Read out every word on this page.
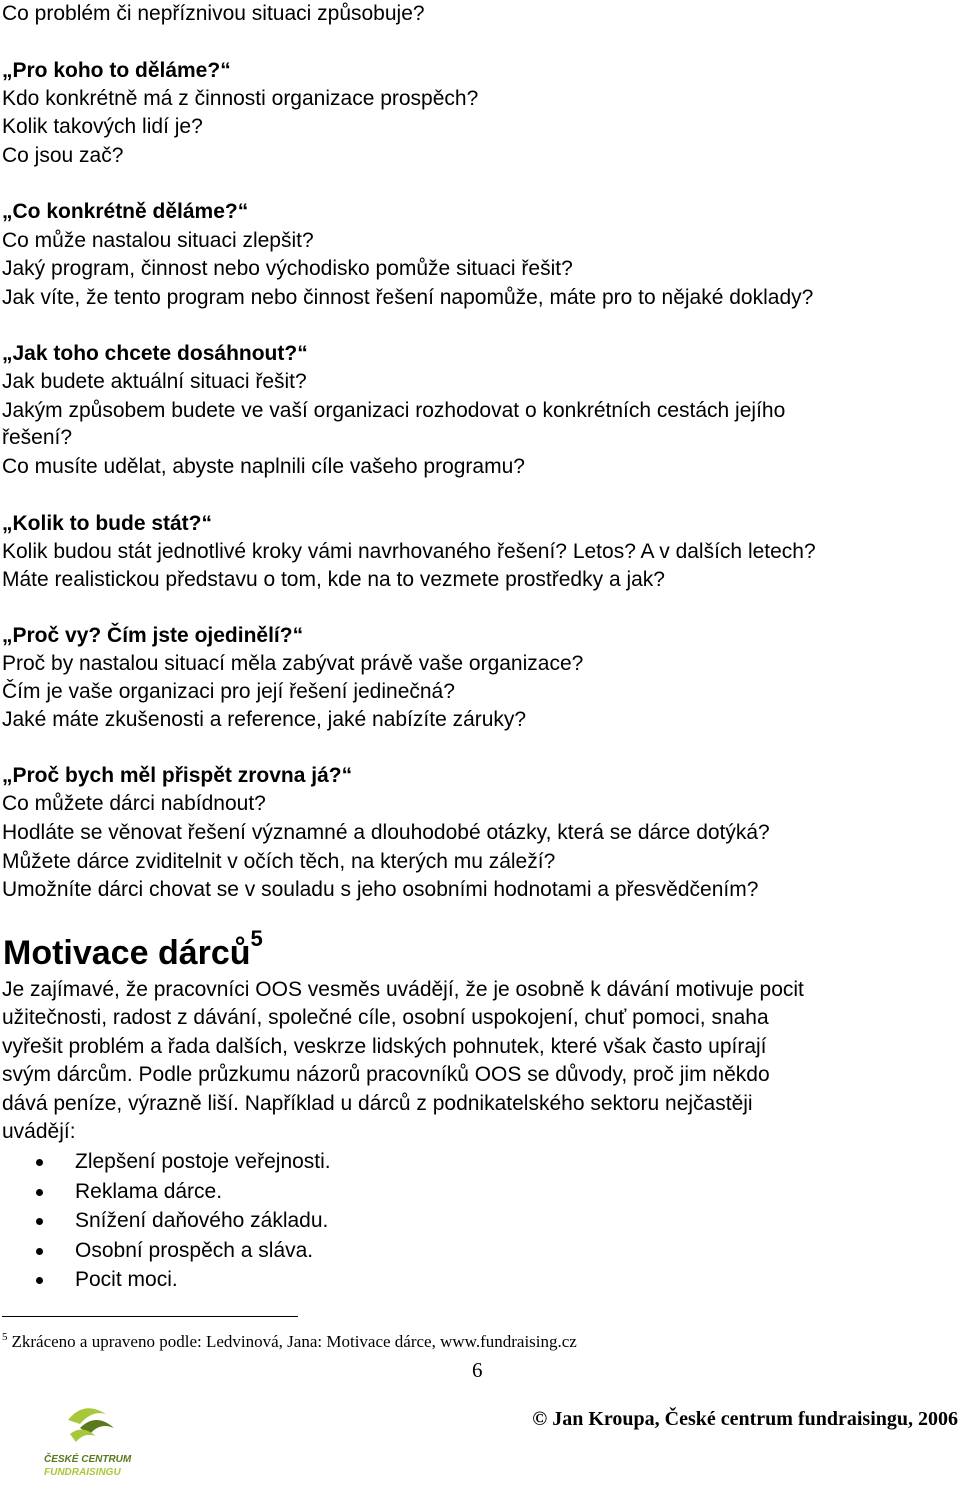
Co problém či nepříznivou situaci způsobuje?
„Pro koho to děláme?“
Kdo konkrétně má z činnosti organizace prospěch?
Kolik takových lidí je?
Co jsou zač?
„Co konkrétně děláme?“
Co může nastalou situaci zlepšit?
Jaký program, činnost nebo východisko pomůže situaci řešit?
Jak víte, že tento program nebo činnost řešení napomůže, máte pro to nějaké doklady?
„Jak toho chcete dosáhnout?“
Jak budete aktuální situaci řešit?
Jakým způsobem budete ve vaší organizaci rozhodovat o konkrétních cestách jejího
řešení?
Co musíte udělat, abyste naplnili cíle vašeho programu?
„Kolik to bude stát?“
Kolik budou stát jednotlivé kroky vámi navrhovaného řešení? Letos? A v dalších letech?
Máte realistickou představu o tom, kde na to vezmete prostředky a jak?
„Proč vy? Čím jste ojedinělí?“
Proč by nastalou situací měla zabývat právě vaše organizace?
Čím je vaše organizaci pro její řešení jedinečná?
Jaké máte zkušenosti a reference, jaké nabízíte záruky?
„Proč bych měl přispět zrovna já?“
Co můžete dárci nabídnout?
Hodláte se věnovat řešení významné a dlouhodobé otázky, která se dárce dotýká?
Můžete dárce zviditelnit v očích těch, na kterých mu záleží?
Umožníte dárci chovat se v souladu s jeho osobními hodnotami a přesvědčením?
Motivace dárců$^5$
Je zajímavé, že pracovníci OOS vesměs uvádějí, že je osobně k dávání motivuje pocit
užitečnosti, radost z dávání, společné cíle, osobní uspokojení, chuť pomoci, snaha
vyřešit problém a řada dalších, veskrze lidských pohnutek, které však často upírají
svým dárcům. Podle průzkumu názorů pracovníků OOS se důvody, proč jim někdo
dává peníze, výrazně liší. Například u dárců z podnikatelského sektoru nejčastěji
uvádějí:
Zlepšení postoje veřejnosti.
Reklama dárce.
Snížení daňového základu.
Osobní prospěch a sláva.
Pocit moci.
$^5$ Zkráceno a upraveno podle: Ledvinová, Jana: Motivace dárce, www.fundraising.cz
6
ČESKÉ CENTRUM
FUNDRAISINGU
© Jan Kroupa, České centrum fundraisingu, 2006
